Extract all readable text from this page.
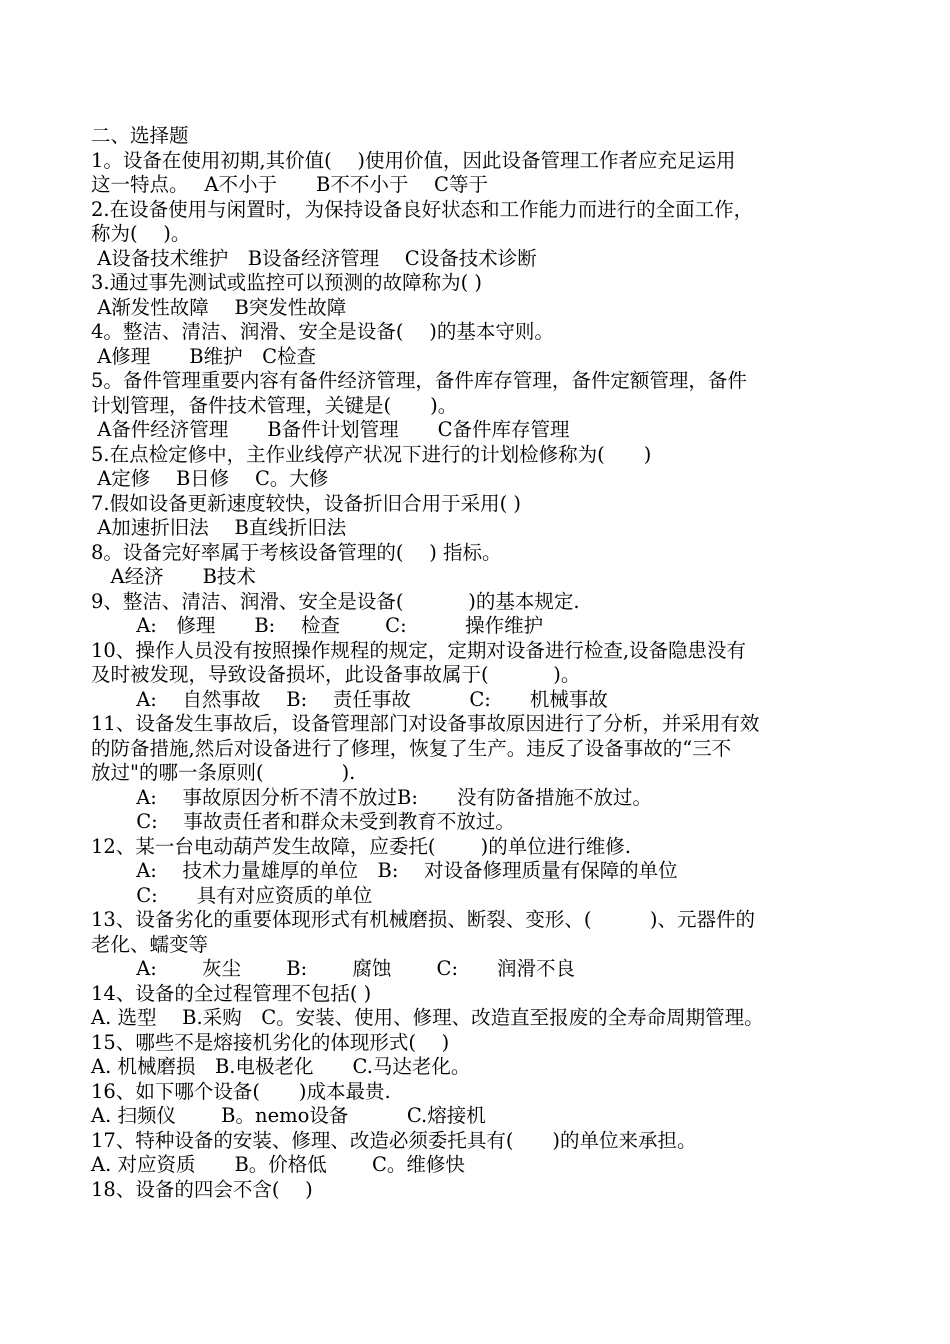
二、选择题
1。设备在使用初期,其价值(　 )使用价值，因此设备管理工作者应充足运用
这一特点。　 A不小于　　B不不小于　 C等于
2.在设备使用与闲置时，为保持设备良好状态和工作能力而进行的全面工作，
称为(　 )。
A设备技术维护　B设备经济管理　 C设备技术诊断
3.通过事先测试或监控可以预测的故障称为( )
A渐发性故障　 B突发性故障
4。整洁、清洁、润滑、安全是设备(　 )的基本守则。
A修理　　B维护　C检查
5。备件管理重要内容有备件经济管理，备件库存管理，备件定额管理，备件
计划管理，备件技术管理，关键是(　　)。
A备件经济管理　　B备件计划管理　　C备件库存管理
5.在点检定修中，主作业线停产状况下进行的计划检修称为(　　)
A定修　 B日修　 C。大修
7.假如设备更新速度较快，设备折旧合用于采用( )
A加速折旧法　 B直线折旧法
8。设备完好率属于考核设备管理的(　 ) 指标。
　A经济　　B技术
9、整洁、清洁、润滑、安全是设备(　　　 )的基本规定.
　　 A:　修理　　B:　 检查　　 C:　　　操作维护
10、操作人员没有按照操作规程的规定，定期对设备进行检查,设备隐患没有
及时被发现，导致设备损坏，此设备事故属于(　　　 )。
　　 A:　 自然事故　 B:　 责任事故　　　C:　　机械事故
11、设备发生事故后，设备管理部门对设备事故原因进行了分析，并采用有效
的防备措施,然后对设备进行了修理，恢复了生产。违反了设备事故的“三不
放过"的哪一条原则(　　　　).
　　 A:　 事故原因分析不清不放过B:　　没有防备措施不放过。
　　 C:　 事故责任者和群众未受到教育不放过。
12、某一台电动葫芦发生故障，应委托(　　 )的单位进行维修.
　　 A:　 技术力量雄厚的单位　B:　 对设备修理质量有保障的单位
　　 C:　　具有对应资质的单位
13、设备劣化的重要体现形式有机械磨损、断裂、变形、(　　　)、元器件的
老化、蠕变等
　　 A:　　 灰尘　　 B:　　 腐蚀　　 C:　　润滑不良
14、设备的全过程管理不包括( )
A. 选型　 B.采购　C。安装、使用、修理、改造直至报废的全寿命周期管理。
15、哪些不是熔接机劣化的体现形式(　 )
A. 机械磨损　B.电极老化　　C.马达老化。
16、如下哪个设备(　　)成本最贵.
A. 扫频仪　　 B。nemo设备　　　C.熔接机
17、特种设备的安装、修理、改造必须委托具有(　　)的单位来承担。
A. 对应资质　　B。价格低　　 C。维修快
18、设备的四会不含(　 )
